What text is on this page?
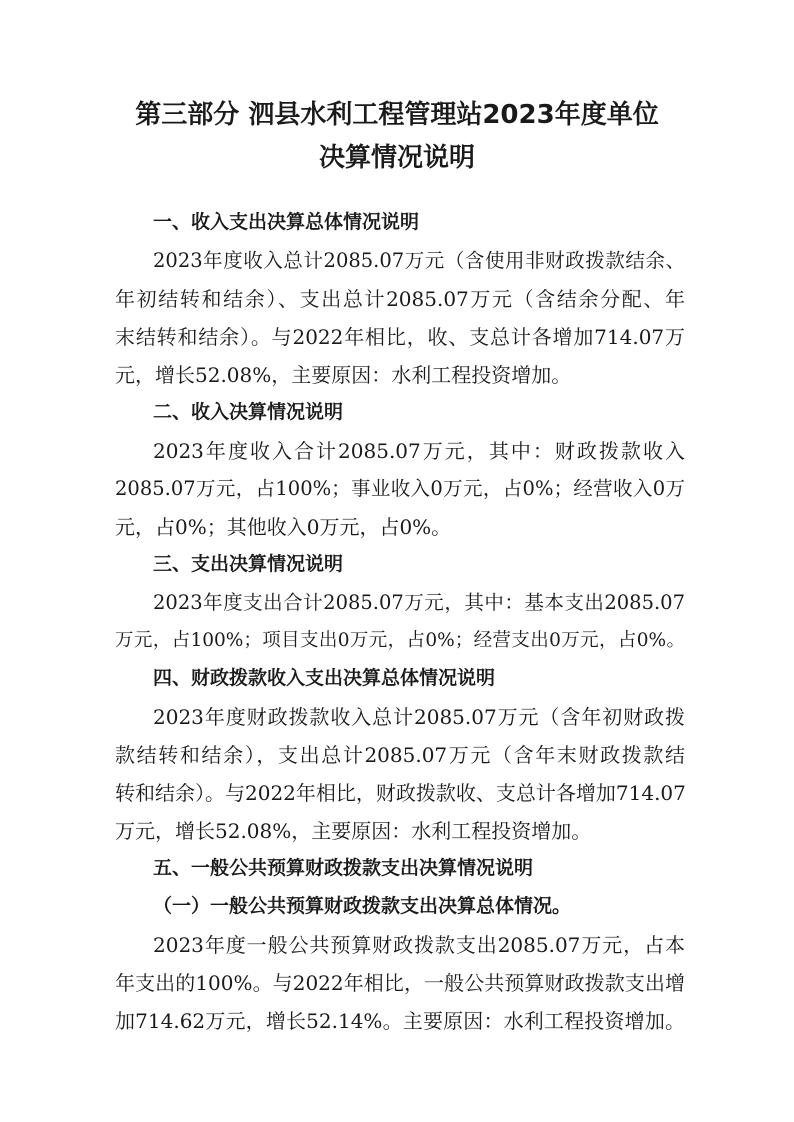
第三部分 泗县水利工程管理站2023年度单位
决算情况说明
一、收入支出决算总体情况说明
2023年度收入总计2085.07万元（含使用非财政拨款结余、
年初结转和结余）、支出总计2085.07万元（含结余分配、年
末结转和结余）。与2022年相比，收、支总计各增加714.07万
元，增长52.08%，主要原因：水利工程投资增加。
二、收入决算情况说明
2023年度收入合计2085.07万元，其中：财政拨款收入
2085.07万元，占100%；事业收入0万元，占0%；经营收入0万
元，占0%；其他收入0万元，占0%。
三、支出决算情况说明
2023年度支出合计2085.07万元，其中：基本支出2085.07
万元，占100%；项目支出0万元，占0%；经营支出0万元，占0%。
四、财政拨款收入支出决算总体情况说明
2023年度财政拨款收入总计2085.07万元（含年初财政拨
款结转和结余），支出总计2085.07万元（含年末财政拨款结
转和结余）。与2022年相比，财政拨款收、支总计各增加714.07
万元，增长52.08%，主要原因：水利工程投资增加。
五、一般公共预算财政拨款支出决算情况说明
（一）一般公共预算财政拨款支出决算总体情况。
2023年度一般公共预算财政拨款支出2085.07万元，占本
年支出的100%。与2022年相比，一般公共预算财政拨款支出增
加714.62万元，增长52.14%。主要原因：水利工程投资增加。
